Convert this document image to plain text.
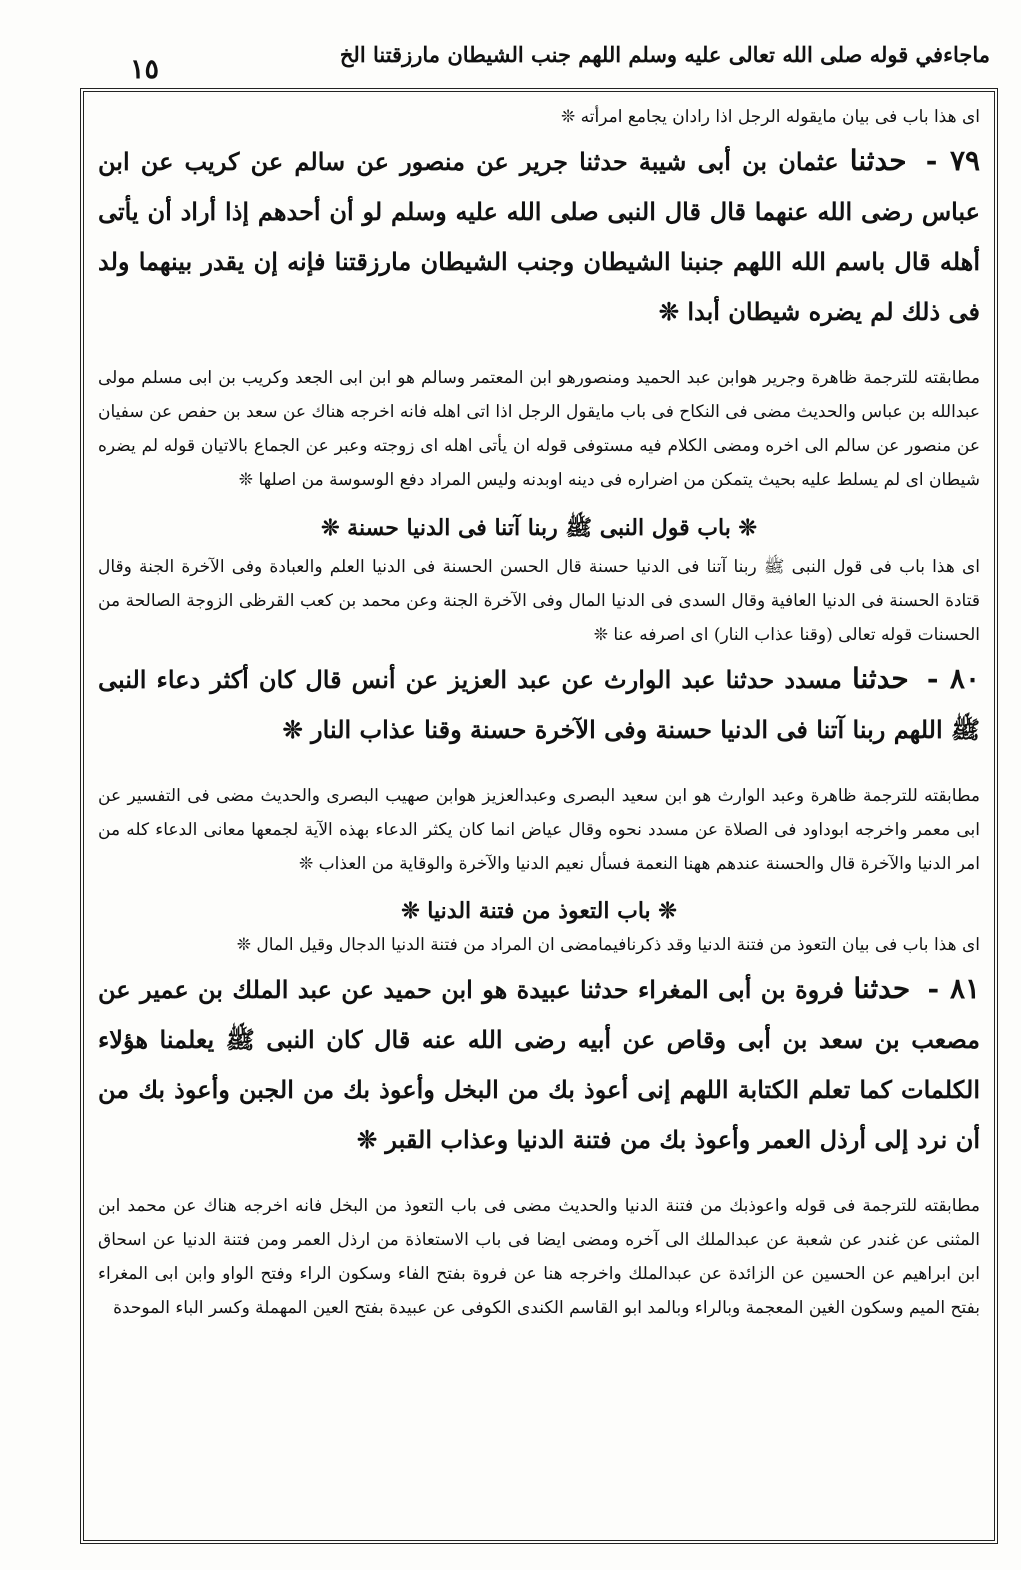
ماجاءفي قوله صلى الله تعالى عليه وسلم اللهم جنب الشيطان مارزقتنا الخ
١٥

اى هذا باب فى بيان مايقوله الرجل اذا رادان يجامع امرأته ❊

٧٩ - حدثنا عثمان بن أبى شيبة حدثنا جرير عن منصور عن سالم عن كريب عن ابن عباس رضى الله عنهما قال قال النبى صلى الله عليه وسلم لو أن أحدهم إذا أراد أن يأتى أهله قال باسم الله اللهم جنبنا الشيطان وجنب الشيطان مارزقتنا فإنه إن يقدر بينهما ولد فى ذلك لم يضره شيطان أبدا ❊

مطابقته للترجمة ظاهرة وجرير هوابن عبد الحميد ومنصورهو ابن المعتمر وسالم هو ابن ابى الجعد وكريب بن ابى مسلم مولى عبدالله بن عباس والحديث مضى فى النكاح فى باب مايقول الرجل اذا اتى اهله فانه اخرجه هناك عن سعد بن حفص عن سفيان عن منصور عن سالم الى اخره ومضى الكلام فيه مستوفى قوله ان يأتى اهله اى زوجته وعبر عن الجماع بالاتيان قوله لم يضره شيطان اى لم يسلط عليه بحيث يتمكن من اضراره فى دينه اوبدنه وليس المراد دفع الوسوسة من اصلها ❊

❊ باب قول النبى ﷺ ربنا آتنا فى الدنيا حسنة ❊

اى هذا باب فى قول النبى ﷺ ربنا آتنا فى الدنيا حسنة قال الحسن الحسنة فى الدنيا العلم والعبادة وفى الآخرة الجنة وقال قتادة الحسنة فى الدنيا العافية وقال السدى فى الدنيا المال وفى الآخرة الجنة وعن محمد بن كعب القرظى الزوجة الصالحة من الحسنات قوله تعالى (وقنا عذاب النار) اى اصرفه عنا ❊

٨٠ - حدثنا مسدد حدثنا عبد الوارث عن عبد العزيز عن أنس قال كان أكثر دعاء النبى ﷺ اللهم ربنا آتنا فى الدنيا حسنة وفى الآخرة حسنة وقنا عذاب النار ❊

مطابقته للترجمة ظاهرة وعبد الوارث هو ابن سعيد البصرى وعبدالعزيز هوابن صهيب البصرى والحديث مضى فى التفسير عن ابى معمر واخرجه ابوداود فى الصلاة عن مسدد نحوه وقال عياض انما كان يكثر الدعاء بهذه الآية لجمعها معانى الدعاء كله من امر الدنيا والآخرة قال والحسنة عندهم ههنا النعمة فسأل نعيم الدنيا والآخرة والوقاية من العذاب ❊

❊ باب التعوذ من فتنة الدنيا ❊

اى هذا باب فى بيان التعوذ من فتنة الدنيا وقد ذكرنافيمامضى ان المراد من فتنة الدنيا الدجال وقيل المال ❊

٨١ - حدثنا فروة بن أبى المغراء حدثنا عبيدة هو ابن حميد عن عبد الملك بن عمير عن مصعب بن سعد بن أبى وقاص عن أبيه رضى الله عنه قال كان النبى ﷺ يعلمنا هؤلاء الكلمات كما تعلم الكتابة اللهم إنى أعوذ بك من البخل وأعوذ بك من الجبن وأعوذ بك من أن نرد إلى أرذل العمر وأعوذ بك من فتنة الدنيا وعذاب القبر ❊

مطابقته للترجمة فى قوله واعوذبك من فتنة الدنيا والحديث مضى فى باب التعوذ من البخل فانه اخرجه هناك عن محمد ابن المثنى عن غندر عن شعبة عن عبدالملك الى آخره ومضى ايضا فى باب الاستعاذة من ارذل العمر ومن فتنة الدنيا عن اسحاق ابن ابراهيم عن الحسين عن الزائدة عن عبدالملك واخرجه هنا عن فروة بفتح الفاء وسكون الراء وفتح الواو وابن ابى المغراء بفتح الميم وسكون الغين المعجمة وبالراء وبالمد ابو القاسم الكندى الكوفى عن عبيدة بفتح العين المهملة وكسر الباء الموحدة
